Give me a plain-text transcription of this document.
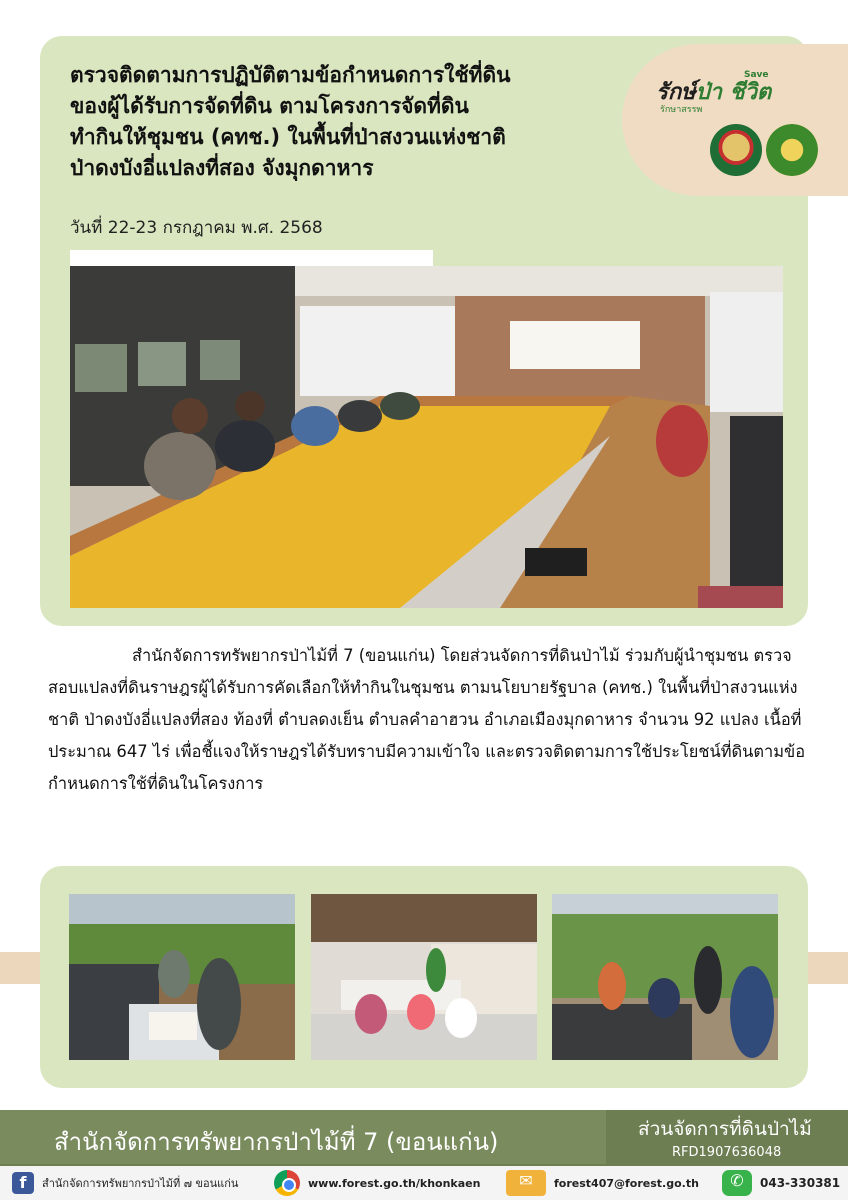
ตรวจติดตามการปฏิบัติตามข้อกำหนดการใช้ที่ดิน
ของผู้ได้รับการจัดที่ดิน ตามโครงการจัดที่ดิน
ทำกินให้ชุมชน (คทช.) ในพื้นที่ป่าสงวนแห่งชาติ
ป่าดงบังอี่แปลงที่สอง จังมุกดาหาร
วันที่ 22-23 กรกฎาคม พ.ศ. 2568
รักษ์ป่า ชีวิต
Save
รักษาสรรพ

สำนักจัดการทรัพยากรป่าไม้ที่ 7 (ขอนแก่น) โดยส่วนจัดการที่ดินป่าไม้ ร่วมกับผู้นำชุมชน ตรวจสอบแปลงที่ดินราษฎรผู้ได้รับการคัดเลือกให้ทำกินในชุมชน ตามนโยบายรัฐบาล (คทช.) ในพื้นที่ป่าสงวนแห่งชาติ ป่าดงบังอี่แปลงที่สอง ท้องที่ ตำบลดงเย็น ตำบลคำอาฮวน อำเภอเมืองมุกดาหาร จำนวน 92 แปลง เนื้อที่ประมาณ 647 ไร่ เพื่อชี้แจงให้ราษฎรได้รับทราบมีความเข้าใจ และตรวจติดตามการใช้ประโยชน์ที่ดินตามข้อกำหนดการใช้ที่ดินในโครงการ

สำนักจัดการทรัพยากรป่าไม้ที่ 7 (ขอนแก่น)	ส่วนจัดการที่ดินป่าไม้
RFD1907636048
f	สำนักจัดการทรัพยากรป่าไม้ที่ ๗ ขอนแก่น	www.forest.go.th/khonkaen	✉	forest407@forest.go.th	✆	043-330381
